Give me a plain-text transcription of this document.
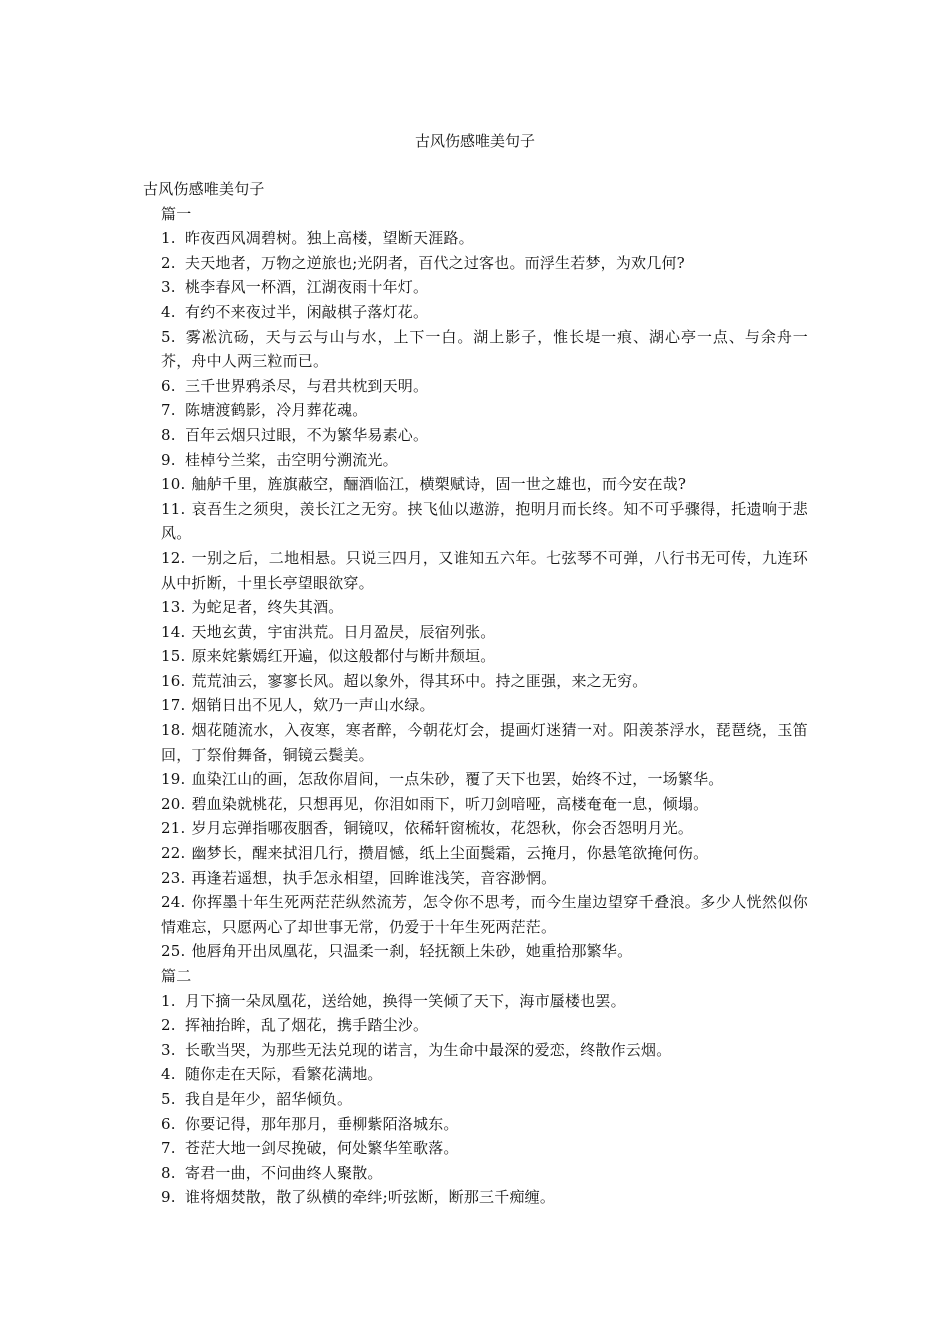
古风伤感唯美句子
古风伤感唯美句子
篇一
1. 昨夜西风凋碧树。独上高楼，望断天涯路。
2. 夫天地者，万物之逆旅也;光阴者，百代之过客也。而浮生若梦，为欢几何?
3. 桃李春风一杯酒，江湖夜雨十年灯。
4. 有约不来夜过半，闲敲棋子落灯花。
5. 雾凇沆砀，天与云与山与水，上下一白。湖上影子，惟长堤一痕、湖心亭一点、与余舟一芥，舟中人两三粒而已。
6. 三千世界鸦杀尽，与君共枕到天明。
7. 陈塘渡鹤影，冷月葬花魂。
8. 百年云烟只过眼，不为繁华易素心。
9. 桂棹兮兰桨，击空明兮溯流光。
10. 舳舻千里，旌旗蔽空，酾酒临江，横槊赋诗，固一世之雄也，而今安在哉?
11. 哀吾生之须臾，羡长江之无穷。挟飞仙以遨游，抱明月而长终。知不可乎骤得，托遗响于悲风。
12. 一别之后，二地相悬。只说三四月，又谁知五六年。七弦琴不可弹，八行书无可传，九连环从中折断，十里长亭望眼欲穿。
13. 为蛇足者，终失其酒。
14. 天地玄黄，宇宙洪荒。日月盈昃，辰宿列张。
15. 原来姹紫嫣红开遍，似这般都付与断井颓垣。
16. 荒荒油云，寥寥长风。超以象外，得其环中。持之匪强，来之无穷。
17. 烟销日出不见人，欸乃一声山水绿。
18. 烟花随流水，入夜寒，寒者醉，今朝花灯会，提画灯迷猜一对。阳羡茶浮水，琵琶绕，玉笛回，丁祭佾舞备，铜镜云鬓美。
19. 血染江山的画，怎敌你眉间，一点朱砂，覆了天下也罢，始终不过，一场繁华。
20. 碧血染就桃花，只想再见，你泪如雨下，听刀剑喑哑，高楼奄奄一息，倾塌。
21. 岁月忘弹指哪夜胭香，铜镜叹，依稀轩窗梳妆，花怨秋，你会否怨明月光。
22. 幽梦长，醒来拭泪几行，攒眉憾，纸上尘面鬓霜，云掩月，你悬笔欲掩何伤。
23. 再逢若遥想，执手怎永相望，回眸谁浅笑，音容渺惘。
24. 你挥墨十年生死两茫茫纵然流芳，怎令你不思考，而今生崖边望穿千叠浪。多少人恍然似你情难忘，只愿两心了却世事无常，仍爱于十年生死两茫茫。
25. 他唇角开出凤凰花，只温柔一刹，轻抚额上朱砂，她重拾那繁华。
篇二
1. 月下摘一朵凤凰花，送给她，换得一笑倾了天下，海市蜃楼也罢。
2. 挥袖抬眸，乱了烟花，携手踏尘沙。
3. 长歌当哭，为那些无法兑现的诺言，为生命中最深的爱恋，终散作云烟。
4. 随你走在天际，看繁花满地。
5. 我自是年少，韶华倾负。
6. 你要记得，那年那月，垂柳紫陌洛城东。
7. 苍茫大地一剑尽挽破，何处繁华笙歌落。
8. 寄君一曲，不问曲终人聚散。
9. 谁将烟焚散，散了纵横的牵绊;听弦断，断那三千痴缠。
